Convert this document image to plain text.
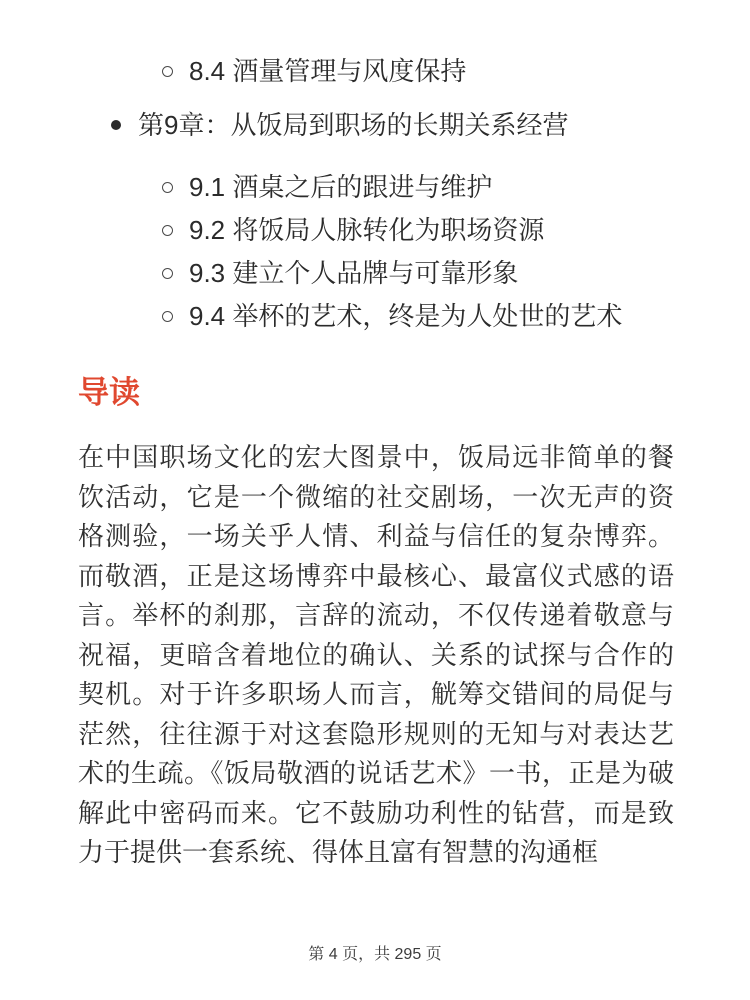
8.4 酒量管理与风度保持
第9章：从饭局到职场的长期关系经营
9.1 酒桌之后的跟进与维护
9.2 将饭局人脉转化为职场资源
9.3 建立个人品牌与可靠形象
9.4 举杯的艺术，终是为人处世的艺术
导读

在中国职场文化的宏大图景中，饭局远非简单的餐饮活动，它是一个微缩的社交剧场，一次无声的资格测验，一场关乎人情、利益与信任的复杂博弈。而敬酒，正是这场博弈中最核心、最富仪式感的语言。举杯的刹那，言辞的流动，不仅传递着敬意与祝福，更暗含着地位的确认、关系的试探与合作的契机。对于许多职场人而言，觥筹交错间的局促与茫然，往往源于对这套隐形规则的无知与对表达艺术的生疏。《饭局敬酒的说话艺术》一书，正是为破解此中密码而来。它不鼓励功利性的钻营，而是致力于提供一套系统、得体且富有智慧的沟通框

第 4 页，共 295 页
